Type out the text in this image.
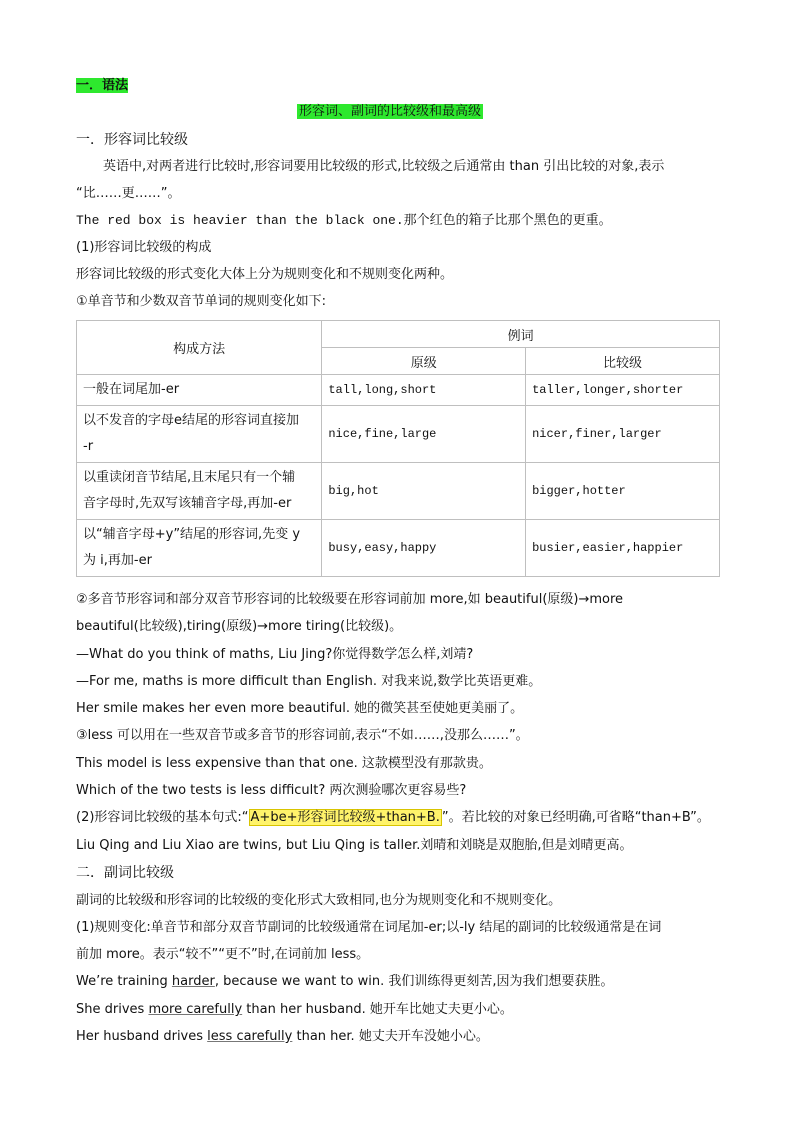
一．语法
形容词、副词的比较级和最高级
一．形容词比较级
英语中,对两者进行比较时,形容词要用比较级的形式,比较级之后通常由 than 引出比较的对象,表示
“比……更……”。
The red box is heavier than the black one.那个红色的箱子比那个黑色的更重。
(1)形容词比较级的构成
形容词比较级的形式变化大体上分为规则变化和不规则变化两种。
①单音节和少数双音节单词的规则变化如下:
构成方法	例词	
	原级	比较级

一般在词尾加-er	tall,long,short	taller,longer,shorter

以不发音的字母e结尾的形容词直接加
-r	nice,fine,large	nicer,finer,larger

以重读闭音节结尾,且末尾只有一个辅
音字母时,先双写该辅音字母,再加-er	big,hot	bigger,hotter

以“辅音字母+y”结尾的形容词,先变 y
为 i,再加-er	busy,easy,happy	busier,easier,happier
②多音节形容词和部分双音节形容词的比较级要在形容词前加 more,如 beautiful(原级)→more
beautiful(比较级),tiring(原级)→more tiring(比较级)。
—What do you think of maths, Liu Jing?你觉得数学怎么样,刘靖?
—For me, maths is more difficult than English. 对我来说,数学比英语更难。
Her smile makes her even more beautiful. 她的微笑甚至使她更美丽了。
③less 可以用在一些双音节或多音节的形容词前,表示“不如……,没那么……”。
This model is less expensive than that one. 这款模型没有那款贵。
Which of the two tests is less difficult? 两次测验哪次更容易些?
(2)形容词比较级的基本句式:“ A+be+形容词比较级+than+B. ”。若比较的对象已经明确,可省略“than+B”。
Liu Qing and Liu Xiao are twins, but Liu Qing is taller.刘晴和刘晓是双胞胎,但是刘晴更高。
二．副词比较级
副词的比较级和形容词的比较级的变化形式大致相同,也分为规则变化和不规则变化。
(1)规则变化:单音节和部分双音节副词的比较级通常在词尾加-er;以-ly 结尾的副词的比较级通常是在词
前加 more。表示“较不”“更不”时,在词前加 less。
We’re training harder, because we want to win. 我们训练得更刻苦,因为我们想要获胜。
She drives more carefully than her husband. 她开车比她丈夫更小心。
Her husband drives less carefully than her. 她丈夫开车没她小心。
